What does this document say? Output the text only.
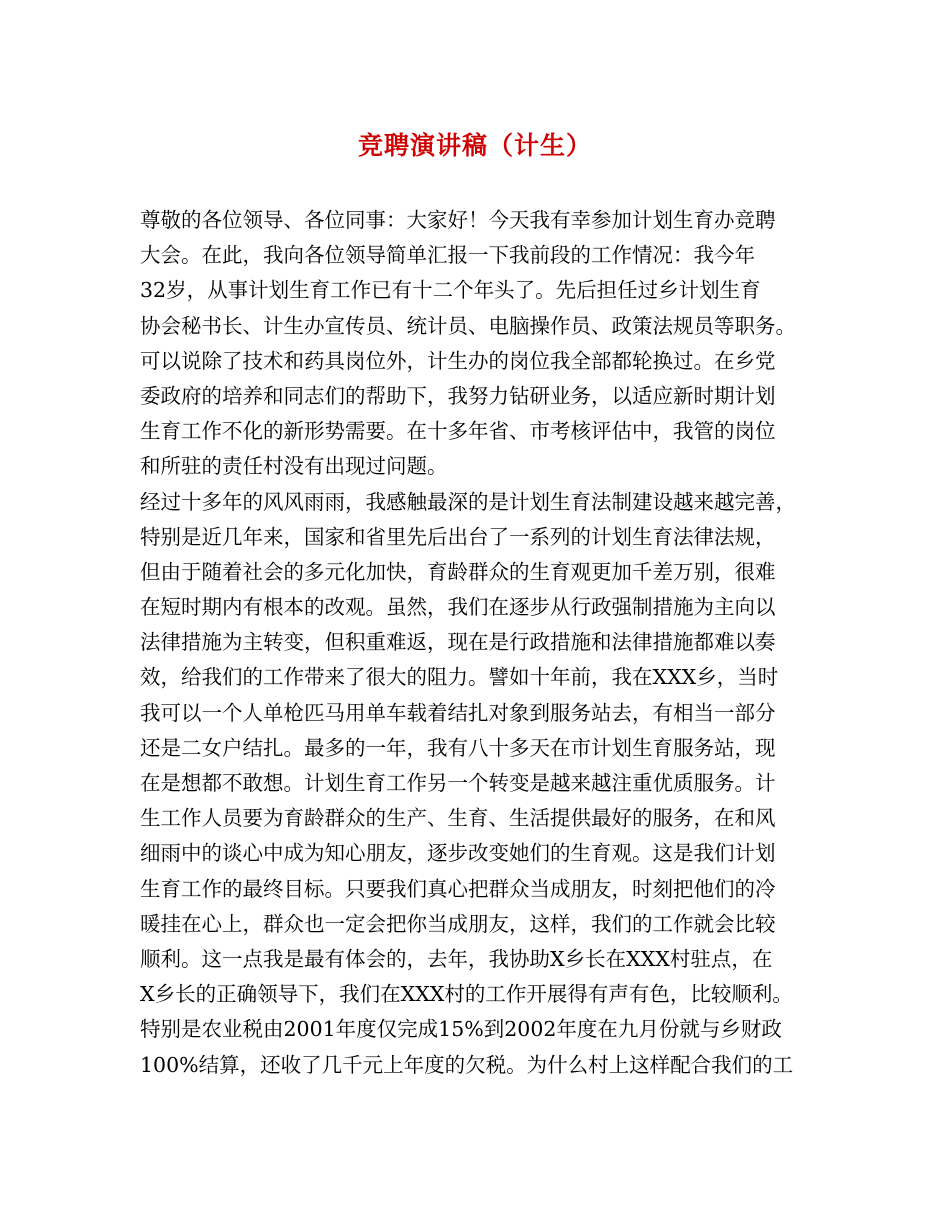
竞聘演讲稿（计生）
尊敬的各位领导、各位同事：大家好！今天我有幸参加计划生育办竞聘
大会。在此，我向各位领导简单汇报一下我前段的工作情况：我今年
32岁，从事计划生育工作已有十二个年头了。先后担任过乡计划生育
协会秘书长、计生办宣传员、统计员、电脑操作员、政策法规员等职务。
可以说除了技术和药具岗位外，计生办的岗位我全部都轮换过。在乡党
委政府的培养和同志们的帮助下，我努力钻研业务，以适应新时期计划
生育工作不化的新形势需要。在十多年省、市考核评估中，我管的岗位
和所驻的责任村没有出现过问题。
经过十多年的风风雨雨，我感触最深的是计划生育法制建设越来越完善，
特别是近几年来，国家和省里先后出台了一系列的计划生育法律法规，
但由于随着社会的多元化加快，育龄群众的生育观更加千差万别，很难
在短时期内有根本的改观。虽然，我们在逐步从行政强制措施为主向以
法律措施为主转变，但积重难返，现在是行政措施和法律措施都难以奏
效，给我们的工作带来了很大的阻力。譬如十年前，我在XXX乡，当时
我可以一个人单枪匹马用单车载着结扎对象到服务站去，有相当一部分
还是二女户结扎。最多的一年，我有八十多天在市计划生育服务站，现
在是想都不敢想。计划生育工作另一个转变是越来越注重优质服务。计
生工作人员要为育龄群众的生产、生育、生活提供最好的服务，在和风
细雨中的谈心中成为知心朋友，逐步改变她们的生育观。这是我们计划
生育工作的最终目标。只要我们真心把群众当成朋友，时刻把他们的冷
暖挂在心上，群众也一定会把你当成朋友，这样，我们的工作就会比较
顺利。这一点我是最有体会的，去年，我协助X乡长在XXX村驻点，在
X乡长的正确领导下，我们在XXX村的工作开展得有声有色，比较顺利。
特别是农业税由2001年度仅完成15%到2002年度在九月份就与乡财政
100%结算，还收了几千元上年度的欠税。为什么村上这样配合我们的工
